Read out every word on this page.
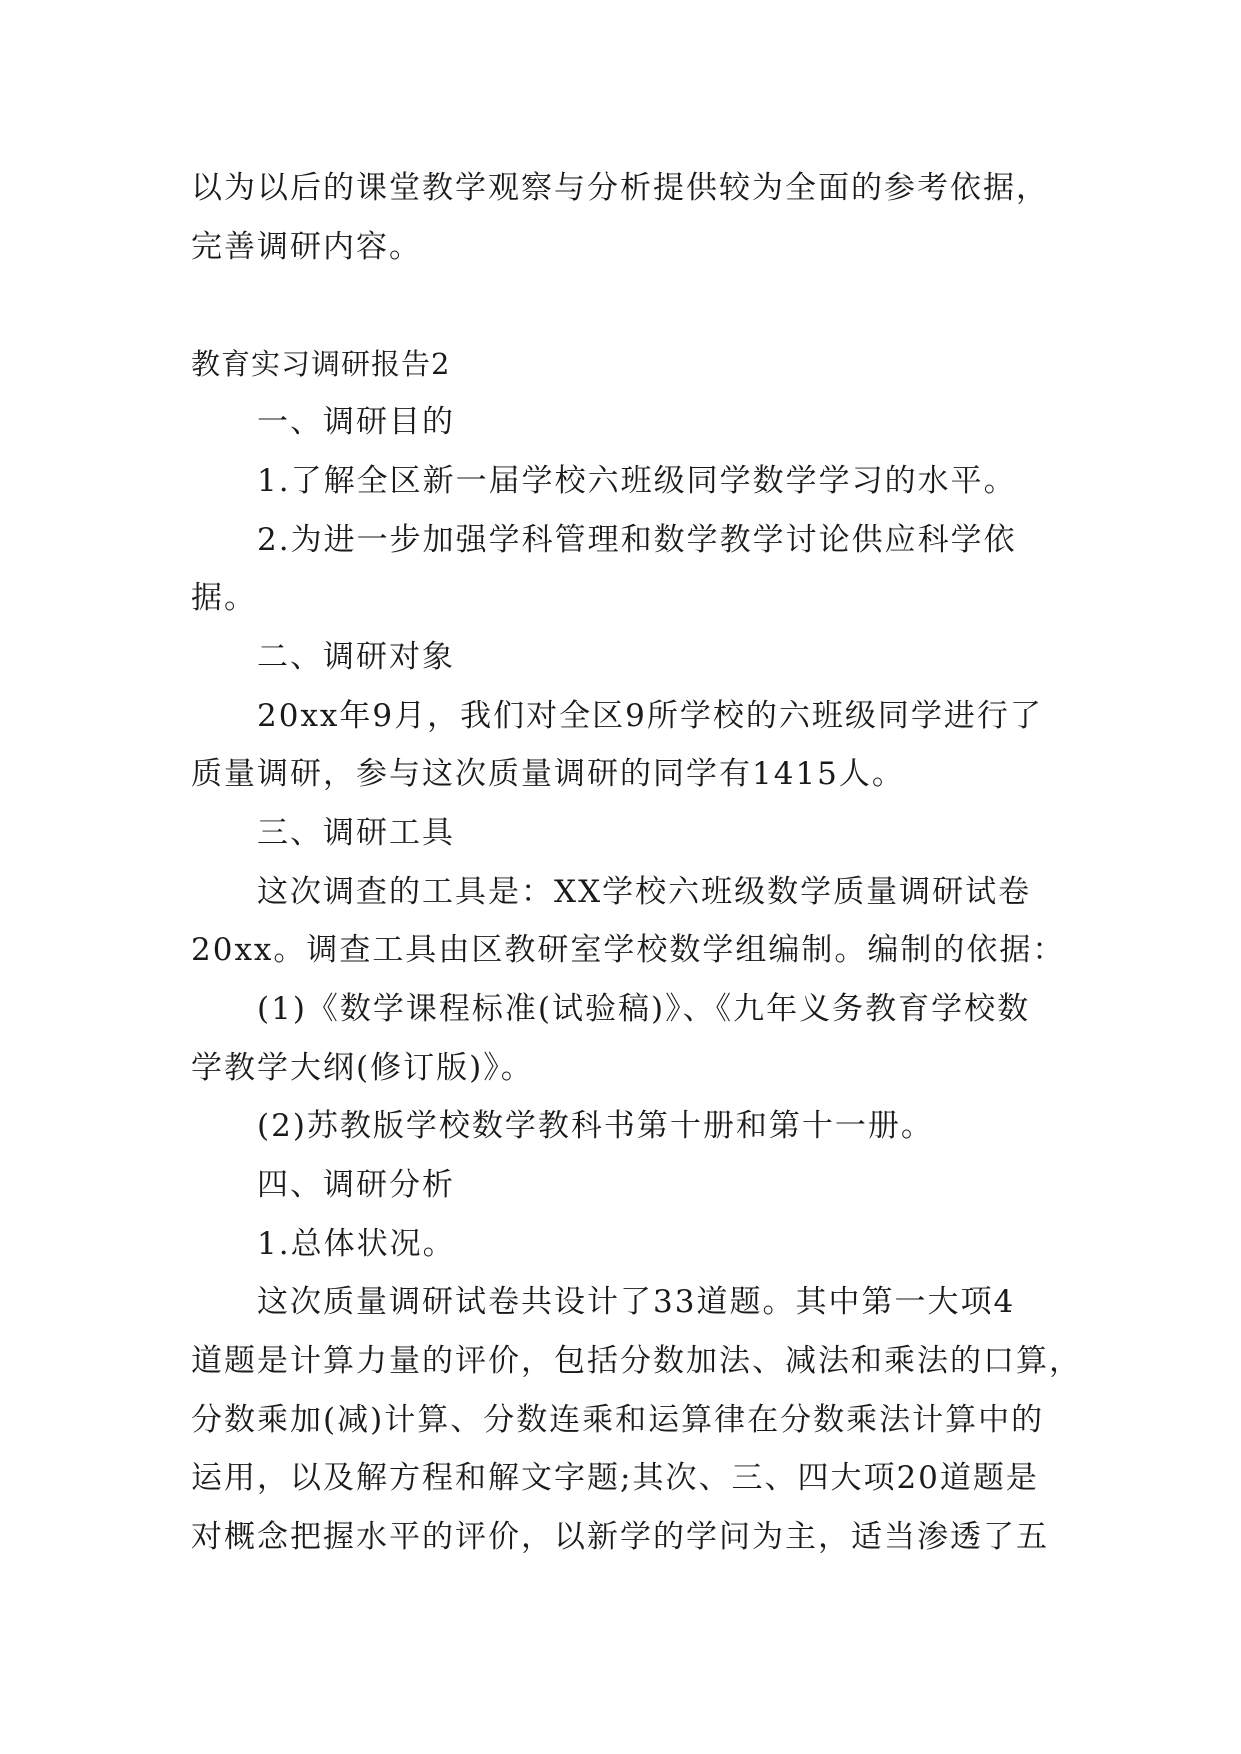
以为以后的课堂教学观察与分析提供较为全面的参考依据，
完善调研内容。
教育实习调研报告2
一、调研目的
1.了解全区新一届学校六班级同学数学学习的水平。
2.为进一步加强学科管理和数学教学讨论供应科学依
据。
二、调研对象
20xx年9月，我们对全区9所学校的六班级同学进行了
质量调研，参与这次质量调研的同学有1415人。
三、调研工具
这次调查的工具是：XX学校六班级数学质量调研试卷
20xx。调查工具由区教研室学校数学组编制。编制的依据：
(1)《数学课程标准(试验稿)》、《九年义务教育学校数
学教学大纲(修订版)》。
(2)苏教版学校数学教科书第十册和第十一册。
四、调研分析
1.总体状况。
这次质量调研试卷共设计了33道题。其中第一大项4
道题是计算力量的评价，包括分数加法、减法和乘法的口算，
分数乘加(减)计算、分数连乘和运算律在分数乘法计算中的
运用，以及解方程和解文字题;其次、三、四大项20道题是
对概念把握水平的评价，以新学的学问为主，适当渗透了五
